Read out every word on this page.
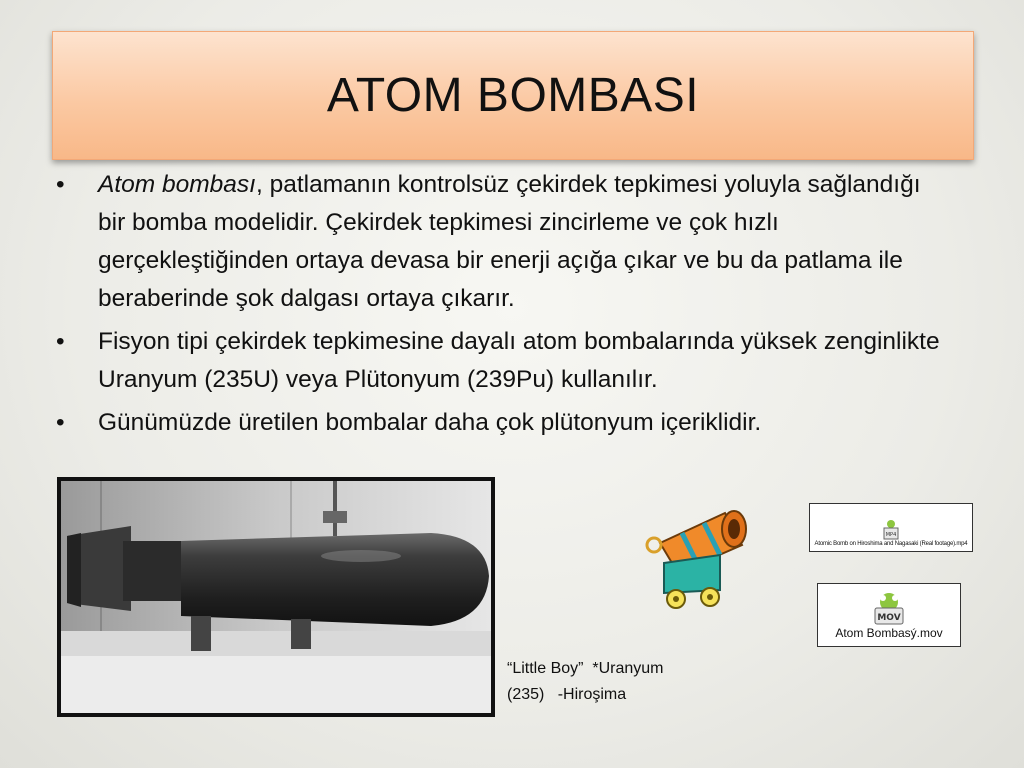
ATOM BOMBASI
•	Atom bombası, patlamanın kontrolsüz çekirdek tepkimesi yoluyla sağlandığı bir bomba modelidir. Çekirdek tepkimesi zincirleme ve çok hızlı gerçekleştiğinden ortaya devasa bir enerji açığa çıkar ve bu da patlama ile beraberinde şok dalgası ortaya çıkarır.
•	Fisyon tipi çekirdek tepkimesine dayalı atom bombalarında yüksek zenginlikte Uranyum (235U) veya Plütonyum (239Pu) kullanılır.
•	Günümüzde üretilen bombalar daha çok plütonyum içeriklidir.
“Little Boy”  *Uranyum
(235)   -Hiroşima
MP4
Atomic Bomb on Hiroshima and Nagasaki (Real footage).mp4
MOV
Atom Bombasý.mov
